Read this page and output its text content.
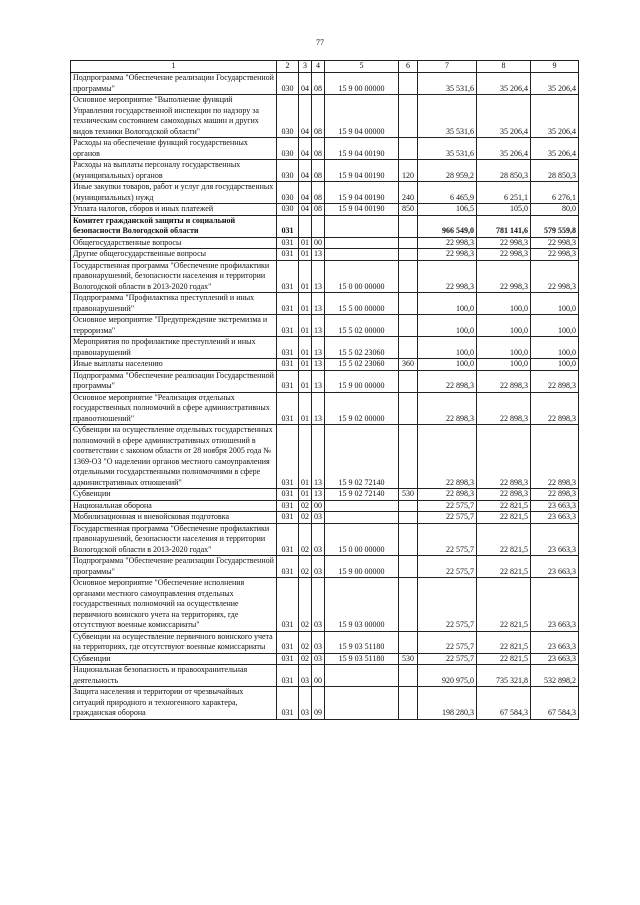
77
1	2	3	4	5	6	7	8	9
Подпрограмма "Обеспечение реализации Государственной программы"	030	04	08	15 9 00 00000		35 531,6	35 206,4	35 206,4
Основное мероприятие "Выполнение функций Управления государственной инспекции по надзору за техническим состоянием самоходных машин и других видов техники Вологодской области"	030	04	08	15 9 04 00000		35 531,6	35 206,4	35 206,4
Расходы на обеспечение функций государственных органов	030	04	08	15 9 04 00190		35 531,6	35 206,4	35 206,4
Расходы на выплаты персоналу государственных (муниципальных) органов	030	04	08	15 9 04 00190	120	28 959,2	28 850,3	28 850,3
Иные закупки товаров, работ и услуг для государственных (муниципальных) нужд	030	04	08	15 9 04 00190	240	6 465,9	6 251,1	6 276,1
Уплата налогов, сборов и иных платежей	030	04	08	15 9 04 00190	850	106,5	105,0	80,0
Комитет гражданской защиты и социальной безопасности Вологодской области	031					966 549,0	781 141,6	579 559,8
Общегосударственные вопросы	031	01	00			22 998,3	22 998,3	22 998,3
Другие общегосударственные вопросы	031	01	13			22 998,3	22 998,3	22 998,3
Государственная программа "Обеспечение профилактики правонарушений, безопасности населения и территории Вологодской области в 2013-2020 годах"	031	01	13	15 0 00 00000		22 998,3	22 998,3	22 998,3
Подпрограмма "Профилактика преступлений и иных правонарушений"	031	01	13	15 5 00 00000		100,0	100,0	100,0
Основное мероприятие "Предупреждение экстремизма и терроризма"	031	01	13	15 5 02 00000		100,0	100,0	100,0
Мероприятия по профилактике преступлений и иных правонарушений	031	01	13	15 5 02 23060		100,0	100,0	100,0
Иные выплаты населению	031	01	13	15 5 02 23060	360	100,0	100,0	100,0
Подпрограмма "Обеспечение реализации Государственной программы"	031	01	13	15 9 00 00000		22 898,3	22 898,3	22 898,3
Основное мероприятие "Реализация отдельных государственных полномочий в сфере административных правоотношений"	031	01	13	15 9 02 00000		22 898,3	22 898,3	22 898,3
Субвенции на осуществление отдельных государственных полномочий в сфере административных отношений в соответствии с законом области от 28 ноября 2005 года № 1369-ОЗ "О наделении органов местного самоуправления отдельными государственными полномочиями в сфере административных отношений"	031	01	13	15 9 02 72140		22 898,3	22 898,3	22 898,3
Субвенции	031	01	13	15 9 02 72140	530	22 898,3	22 898,3	22 898,3
Национальная оборона	031	02	00			22 575,7	22 821,5	23 663,3
Мобилизационная и вневойсковая подготовка	031	02	03			22 575,7	22 821,5	23 663,3
Государственная программа "Обеспечение профилактики правонарушений, безопасности населения и территории Вологодской области в 2013-2020 годах"	031	02	03	15 0 00 00000		22 575,7	22 821,5	23 663,3
Подпрограмма "Обеспечение реализации Государственной программы"	031	02	03	15 9 00 00000		22 575,7	22 821,5	23 663,3
Основное мероприятие "Обеспечение исполнения органами местного самоуправления отдельных государственных полномочий на осуществление первичного воинского учета на территориях, где отсутствуют военные комиссариаты"	031	02	03	15 9 03 00000		22 575,7	22 821,5	23 663,3
Субвенции на осуществление первичного воинского учета на территориях, где отсутствуют военные комиссариаты	031	02	03	15 9 03 51180		22 575,7	22 821,5	23 663,3
Субвенции	031	02	03	15 9 03 51180	530	22 575,7	22 821,5	23 663,3
Национальная безопасность и правоохранительная деятельность	031	03	00			920 975,0	735 321,8	532 898,2
Защита населения и территории от чрезвычайных ситуаций природного и техногенного характера, гражданская оборона	031	03	09			198 280,3	67 584,3	67 584,3
